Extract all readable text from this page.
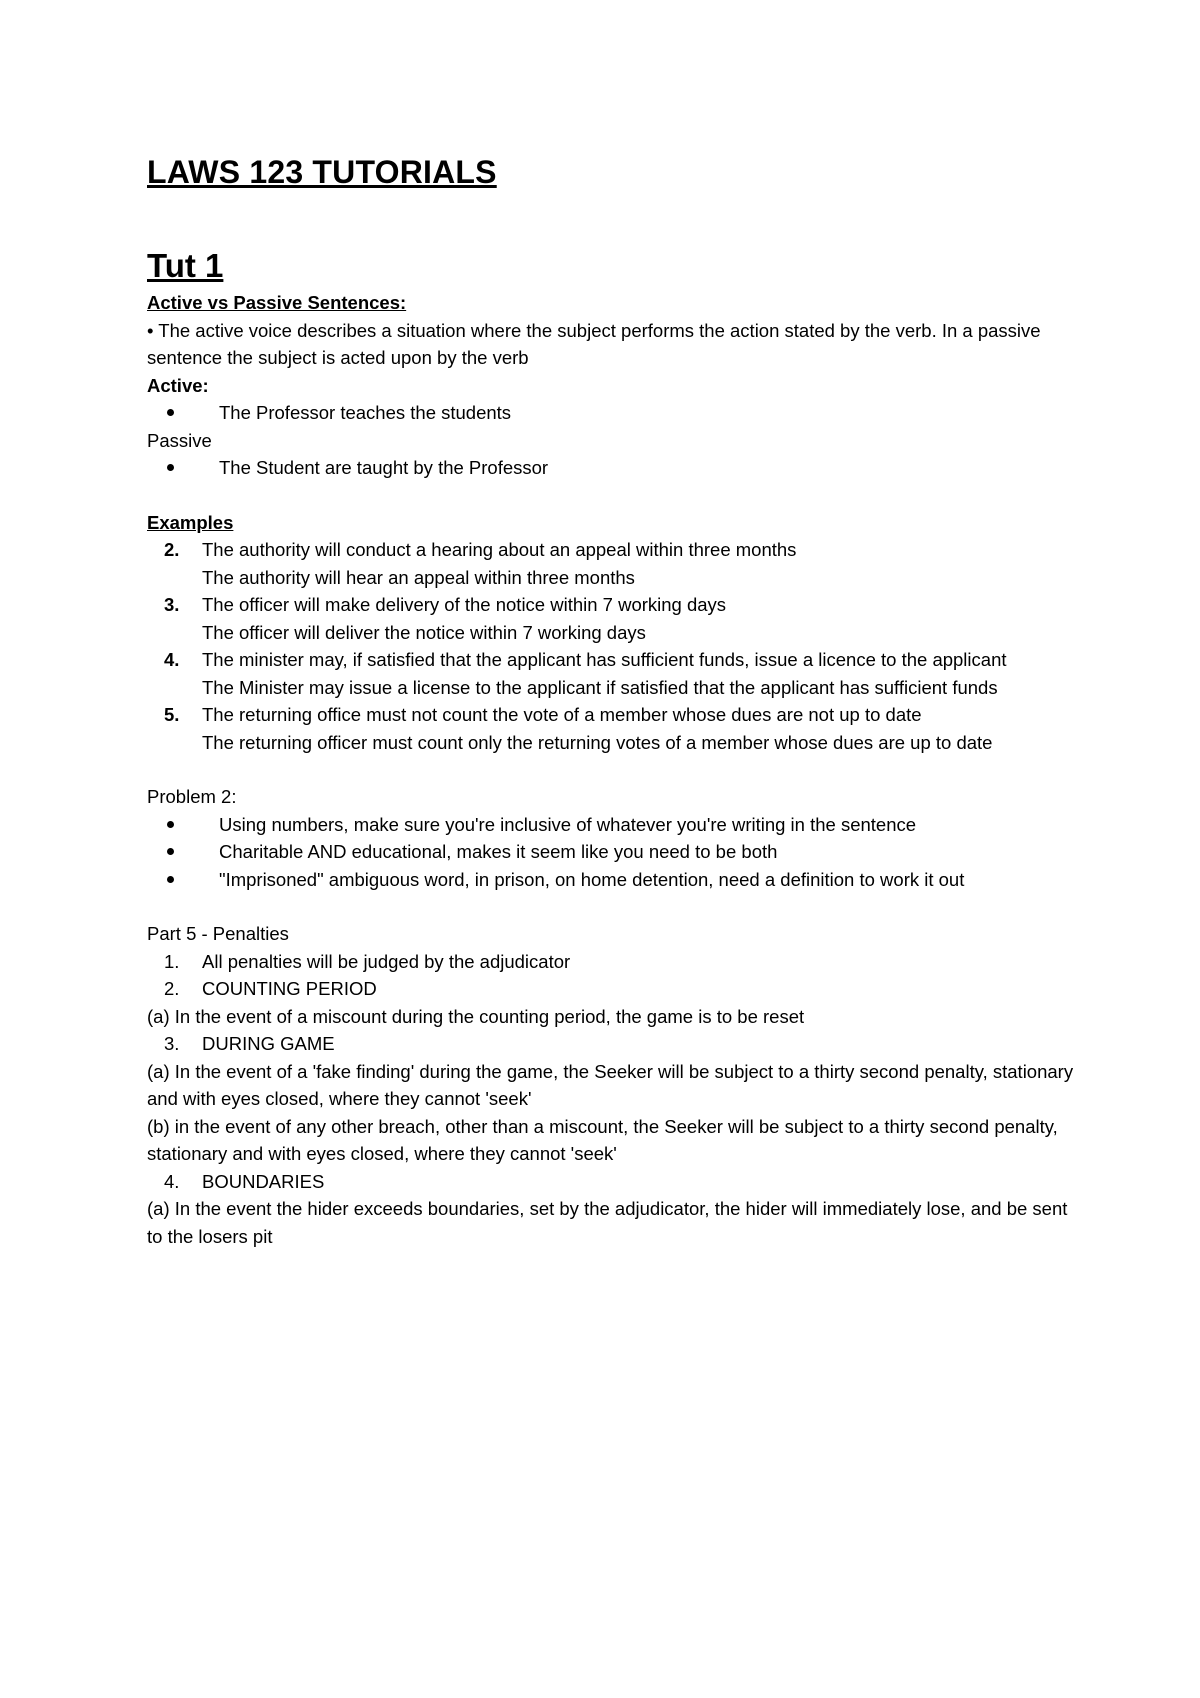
LAWS 123 TUTORIALS
Tut 1

Active vs Passive Sentences:

• The active voice describes a situation where the subject performs the action stated by the verb. In a passive sentence the subject is acted upon by the verb

Active:

The Professor teaches the students

Passive

The Student are taught by the Professor

Examples

2. The authority will conduct a hearing about an appeal within three months
The authority will hear an appeal within three months
3. The officer will make delivery of the notice within 7 working days
The officer will deliver the notice within 7 working days
4. The minister may, if satisfied that the applicant has sufficient funds, issue a licence to the applicant
The Minister may issue a license to the applicant if satisfied that the applicant has sufficient funds
5. The returning office must not count the vote of a member whose dues are not up to date
The returning officer must count only the returning votes of a member whose dues are up to date

Problem 2:

Using numbers, make sure you're inclusive of whatever you're writing in the sentence
Charitable AND educational, makes it seem like you need to be both
"Imprisoned" ambiguous word, in prison, on home detention, need a definition to work it out

Part 5 - Penalties

1. All penalties will be judged by the adjudicator
2. COUNTING PERIOD

(a) In the event of a miscount during the counting period, the game is to be reset

3. DURING GAME

(a) In the event of a 'fake finding' during the game, the Seeker will be subject to a thirty second penalty, stationary and with eyes closed, where they cannot 'seek'

(b) in the event of any other breach, other than a miscount, the Seeker will be subject to a thirty second penalty, stationary and with eyes closed, where they cannot 'seek'

4. BOUNDARIES

(a) In the event the hider exceeds boundaries, set by the adjudicator, the hider will immediately lose, and be sent to the losers pit
